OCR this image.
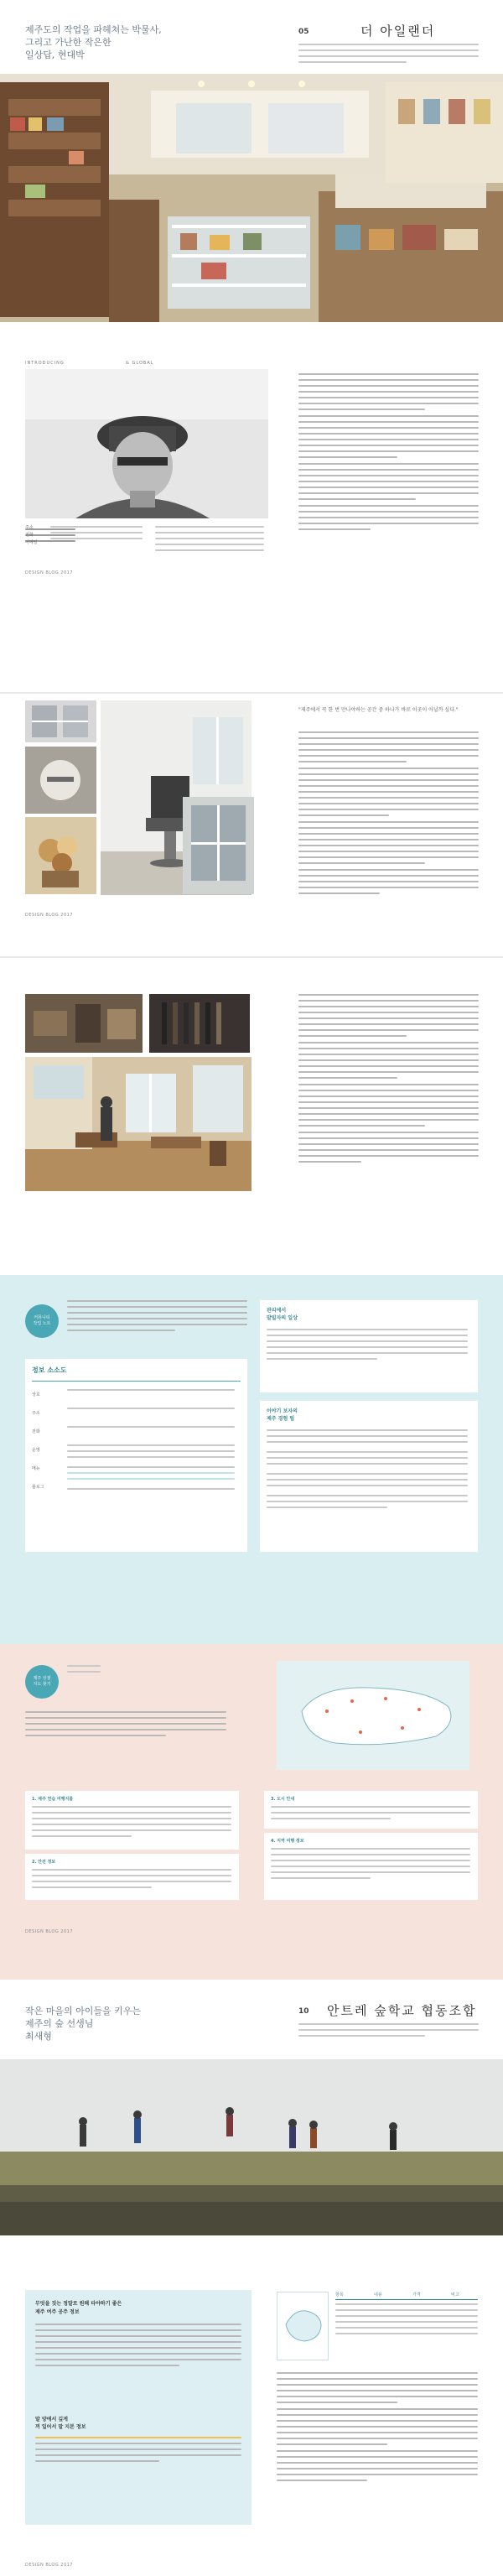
제주도의 작업을 파헤쳐는 박물사,
그리고 가난한 작은한
일상답, 현대박
05	더 아일랜더
INTRODUCING	& GLOBAL
주소
전화
이메일
DESIGN BLOG 2017
DESIGN BLOG 2017
"제주에서 꼭 한 번 만나야하는 공간 중 하나가 바로 이곳이 아닐까 싶다."
커뮤니티
작업 노트
정보 소소도
상호
주소
전화
운영
메뉴
블로그
관리에서
발빌자의 일상
이야기 보자의
제주 경험 팁
제주 상점
지도 찾기
1. 제주 연습 여행지를
2. 안전 정보
3. 도시 안내
4. 지역 여행 정보
DESIGN BLOG 2017
작은 마을의 아이들을 키우는
제주의 숲 선생님
최새형
10 안트레 숲학교 협동조합
무엇을 짓는 정말로 원해 타야하기 좋은
제주 여주 공주 정보
말 양에서 깊게
꺼 일어서 말 지본 정보
항목	내용	가격	비고
DESIGN BLOG 2017
